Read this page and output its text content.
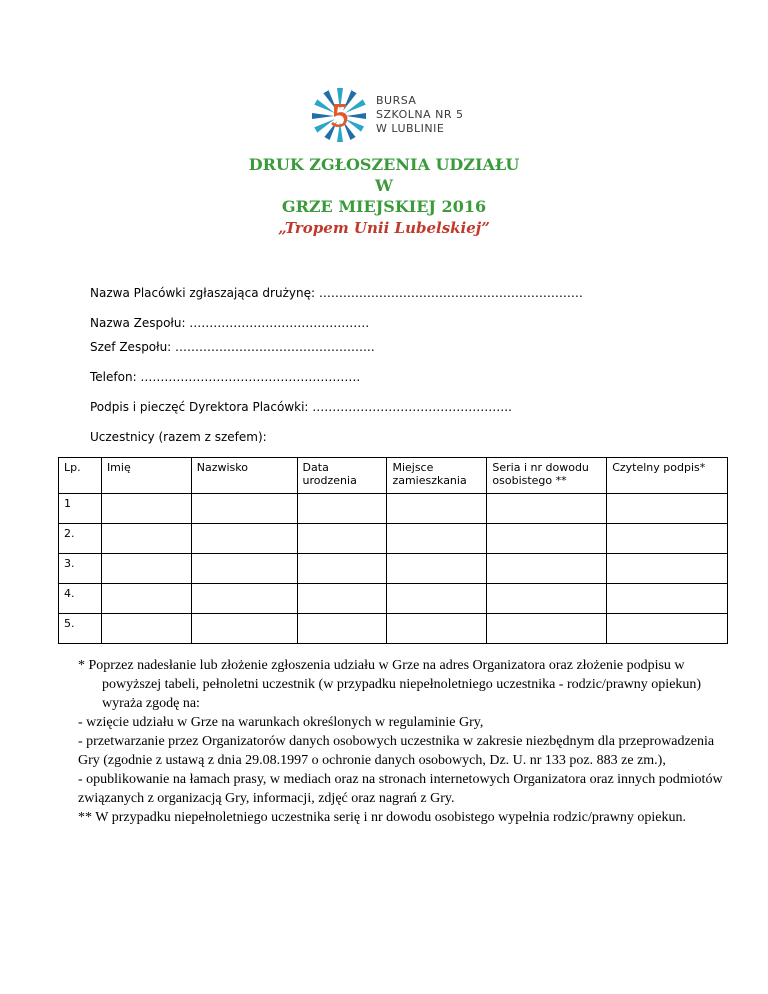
BURSA
SZKOLNA NR 5
W LUBLINIE
DRUK ZGŁOSZENIA UDZIAŁU
W
GRZE MIEJSKIEJ 2016
„Tropem Unii Lubelskiej”
Nazwa Placówki zgłaszająca drużynę: …………………………………………………………
Nazwa Zespołu: ………………………………………
Szef Zespołu: …………………………………………..
Telefon: ……………………………………………….
Podpis i pieczęć Dyrektora Placówki: …………………………………………..
Uczestnicy (razem z szefem):
Lp.	Imię	Nazwisko	Data urodzenia	Miejsce zamieszkania	Seria i nr dowodu osobistego **	Czytelny podpis*
1						
2.						
3.						
4.						
5.						

* Poprzez nadesłanie lub złożenie zgłoszenia udziału w Grze na adres Organizatora oraz złożenie podpisu w powyższej tabeli, pełnoletni uczestnik (w przypadku niepełnoletniego uczestnika - rodzic/prawny opiekun) wyraża zgodę na:

- wzięcie udziału w Grze na warunkach określonych w regulaminie Gry,

- przetwarzanie przez Organizatorów danych osobowych uczestnika w zakresie niezbędnym dla przeprowadzenia Gry (zgodnie z ustawą z dnia 29.08.1997 o ochronie danych osobowych, Dz. U. nr 133 poz. 883 ze zm.),

- opublikowanie na łamach prasy, w mediach oraz na stronach internetowych Organizatora oraz innych podmiotów związanych z organizacją Gry, informacji, zdjęć oraz nagrań z Gry.

** W przypadku niepełnoletniego uczestnika serię i nr dowodu osobistego wypełnia rodzic/prawny opiekun.
